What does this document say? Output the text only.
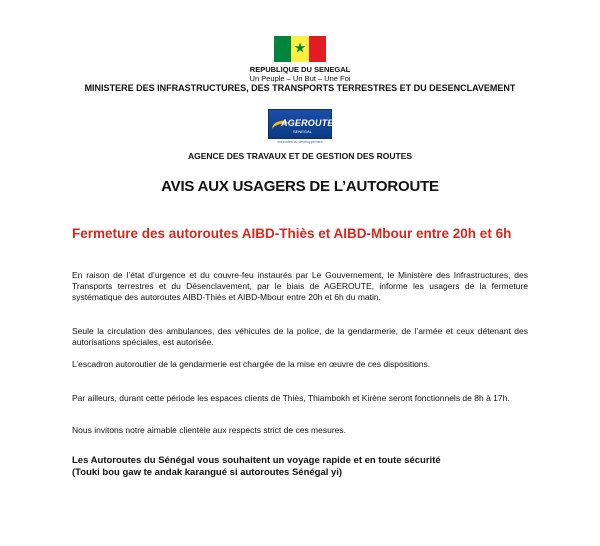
★
REPUBLIQUE DU SENEGAL
Un Peuple – Un But – Une Foi
MINISTERE DES INFRASTRUCTURES, DES TRANSPORTS TERRESTRES ET DU DESENCLAVEMENT
AGEROUTE
SENEGAL
les routes du developpement
AGENCE DES TRAVAUX ET DE GESTION DES ROUTES
AVIS AUX USAGERS DE L’AUTOROUTE
Fermeture des autoroutes AIBD-Thiès et AIBD-Mbour entre 20h et 6h

En raison de l’état d’urgence et du couvre-feu instaurés par Le Gouvernement, le Ministère des Infrastructures, des Transports terrestres et du Désenclavement, par le biais de AGEROUTE, informe les usagers de la fermeture systématique des autoroutes AIBD-Thiès et AIBD-Mbour entre 20h et 6h du matin.

Seule la circulation des ambulances, des véhicules de la police, de la gendarmerie, de l’armée et ceux détenant des autorisations spéciales, est autorisée.

L’escadron autoroutier de la gendarmerie est chargée de la mise en œuvre de ces dispositions.

Par ailleurs, durant cette période les espaces clients de Thiès, Thiambokh et Kirène seront fonctionnels de 8h à 17h.

Nous invitons notre aimable clientèle aux respects strict de ces mesures.

Les Autoroutes du Sénégal vous souhaitent un voyage rapide et en toute sécurité
(Touki bou gaw te andak karangué si autoroutes Sénégal yi)
